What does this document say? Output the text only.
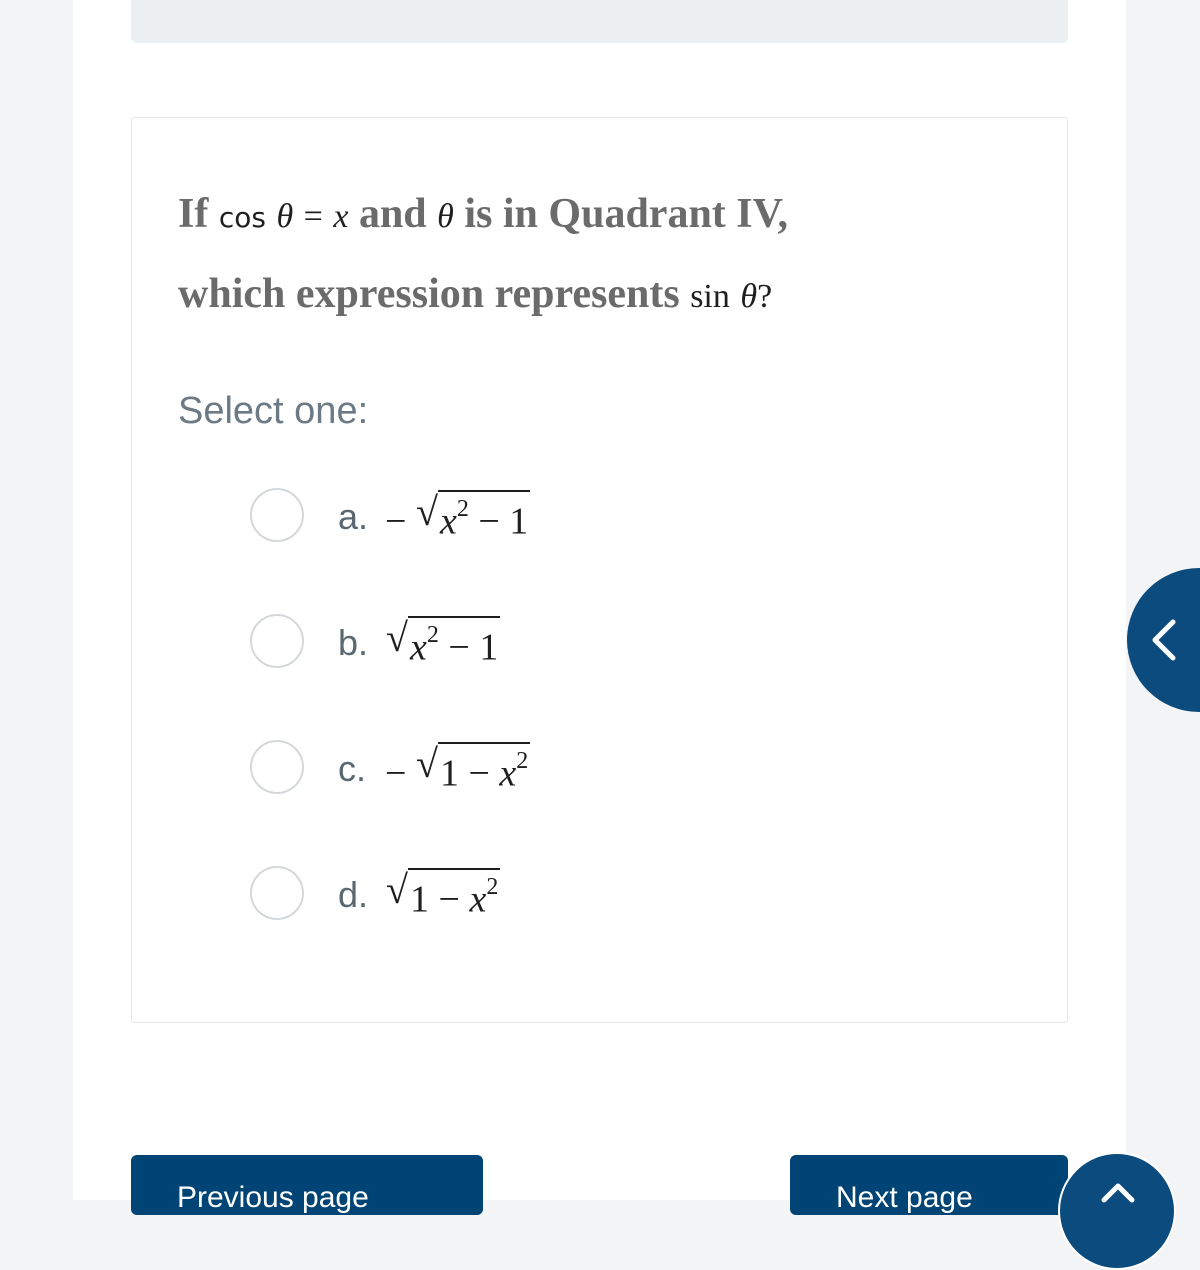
If cos θ = x and θ is in Quadrant IV,
which expression represents sin θ?
Select one:
a. − √ $x^2 - 1$
b. √ $x^2 - 1$
c. − √ $1 - x^2$
d. √ $1 - x^2$
Previous page	Next page
